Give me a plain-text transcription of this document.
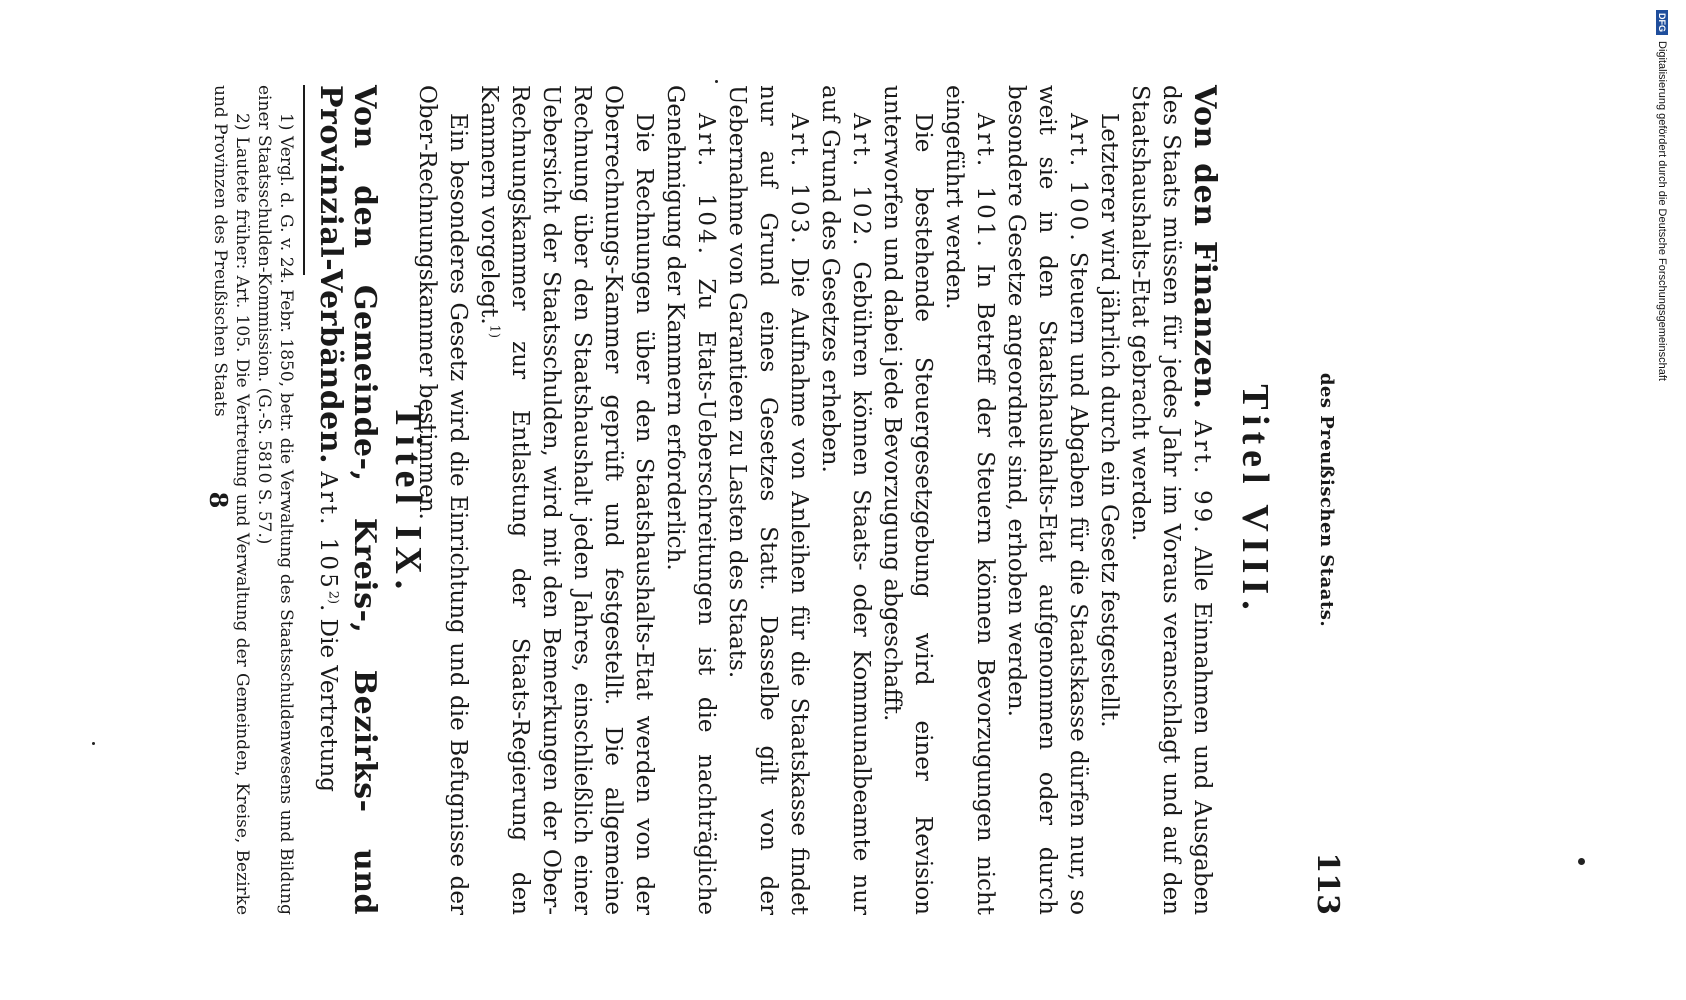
des Preußischen Staats.
113
Titel VIII.

Von den Finanzen. Art. 99. Alle Einnahmen und Ausgaben des Staats müssen für jedes Jahr im Voraus veranschlagt und auf den Staatshaushalts-Etat gebracht werden.

Letzterer wird jährlich durch ein Gesetz festgestellt.

Art. 100. Steuern und Abgaben für die Staatskasse dürfen nur, so weit sie in den Staatshaushalts-Etat aufgenommen oder durch besondere Gesetze angeordnet sind, erhoben werden.

Art. 101. In Betreff der Steuern können Bevorzugungen nicht eingeführt werden.

Die bestehende Steuergesetzgebung wird einer Revision unterworfen und dabei jede Bevorzugung abgeschafft.

Art. 102. Gebühren können Staats- oder Kommunalbeamte nur auf Grund des Gesetzes erheben.

Art. 103. Die Aufnahme von Anleihen für die Staatskasse findet nur auf Grund eines Gesetzes Statt. Dasselbe gilt von der Uebernahme von Garantieen zu Lasten des Staats.

Art. 104. Zu Etats-Ueberschreitungen ist die nachträgliche Genehmigung der Kammern erforderlich.

Die Rechnungen über den Staatshaushalts-Etat werden von der Oberrechnungs-Kammer geprüft und festgestellt. Die allgemeine Rechnung über den Staatshaushalt jeden Jahres, einschließlich einer Uebersicht der Staatsschulden, wird mit den Bemerkungen der Ober-Rechnungskammer zur Entlastung der Staats-Regierung den Kammern vorgelegt.$^{1)}$

Ein besonderes Gesetz wird die Einrichtung und die Befugnisse der Ober-Rechnungskammer bestimmen.

Titel IX.

Von den Gemeinde-, Kreis-, Bezirks- und Provinzial-Verbänden. Art. 105$^{2)}$. Die Vertretung

1) Vergl. d. G. v. 24. Febr. 1850, betr. die Verwaltung des Staatsschuldenwesens und Bildung einer Staatsschulden-Kommission. (G.-S. 5810 S. 57.)

2) Lautete früher: Art. 105. Die Vertretung und Verwaltung der Gemeinden, Kreise, Bezirke und Provinzen des Preußischen Staats

8
DFGDigitalisierung gefördert durch die Deutsche Forschungsgemeinschaft
